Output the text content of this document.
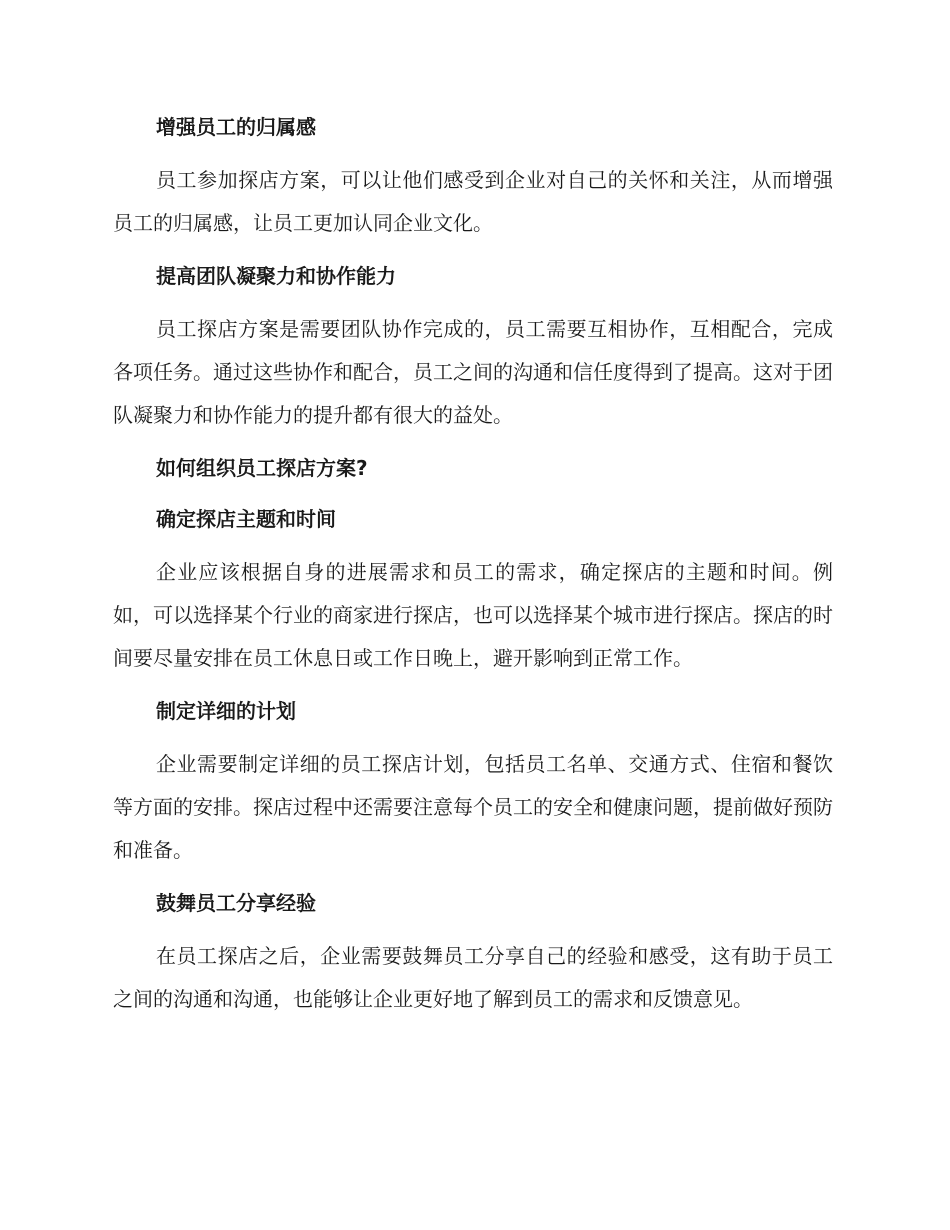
增强员工的归属感
员工参加探店方案，可以让他们感受到企业对自己的关怀和关注，从而增强员工的归属感，让员工更加认同企业文化。
提高团队凝聚力和协作能力
员工探店方案是需要团队协作完成的，员工需要互相协作，互相配合，完成各项任务。通过这些协作和配合，员工之间的沟通和信任度得到了提高。这对于团队凝聚力和协作能力的提升都有很大的益处。
如何组织员工探店方案?
确定探店主题和时间
企业应该根据自身的进展需求和员工的需求，确定探店的主题和时间。例如，可以选择某个行业的商家进行探店，也可以选择某个城市进行探店。探店的时间要尽量安排在员工休息日或工作日晚上，避开影响到正常工作。
制定详细的计划
企业需要制定详细的员工探店计划，包括员工名单、交通方式、住宿和餐饮等方面的安排。探店过程中还需要注意每个员工的安全和健康问题，提前做好预防和准备。
鼓舞员工分享经验
在员工探店之后，企业需要鼓舞员工分享自己的经验和感受，这有助于员工之间的沟通和沟通，也能够让企业更好地了解到员工的需求和反馈意见。
